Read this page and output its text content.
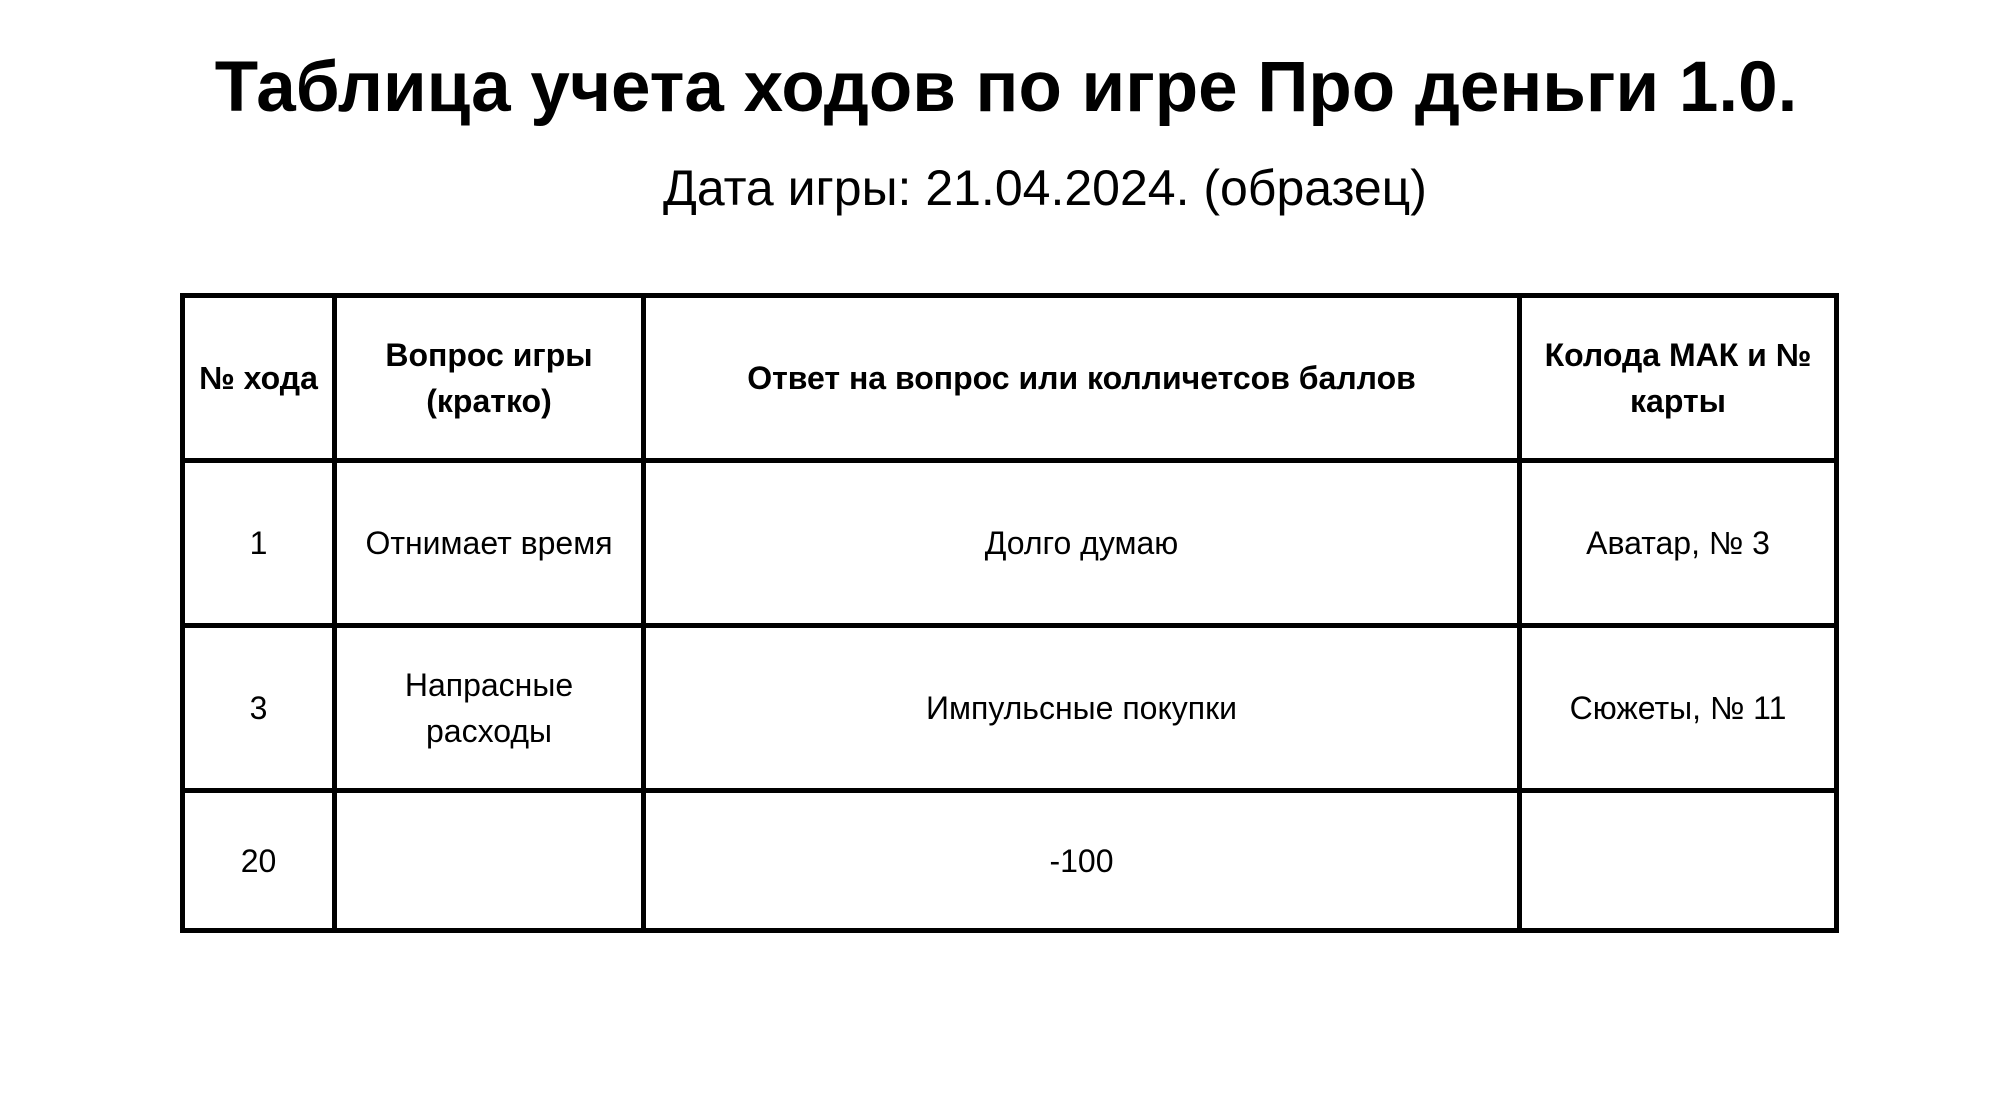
Таблица учета ходов по игре Про деньги 1.0.
Дата игры: 21.04.2024. (образец)
№ хода	Вопрос игры (кратко)	Ответ на вопрос или колличетсов баллов	Колода МАК и № карты
1	Отнимает время	Долго думаю	Аватар, № 3
3	Напрасные расходы	Импульсные покупки	Сюжеты, № 11
20		-100	
